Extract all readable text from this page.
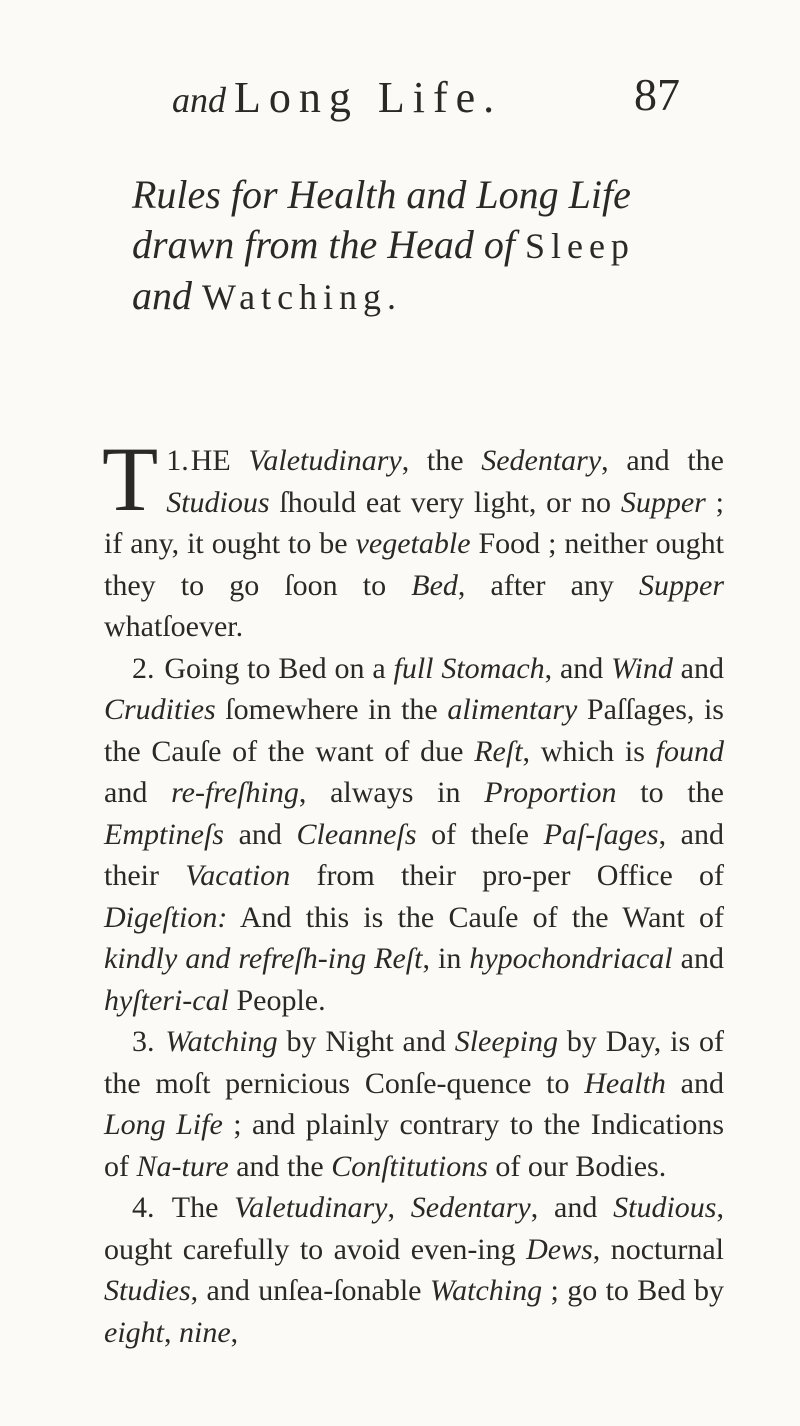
and Long Life.	87
Rules for Health and Long Life
drawn from the Head of Sleep
and Watching.

1.
T HE Valetudinary, the Sedentary, and the Studious ſhould eat very light, or no Supper ; if any, it ought to be vegetable Food ; neither ought they to go ſoon to Bed, after any Supper whatſoever.

2. Going to Bed on a full Stomach, and Wind and Crudities ſomewhere in the alimentary Paſſages, is the Cauſe of the want of due Reſt, which is found and re-freſhing, always in Proportion to the Emptineſs and Cleanneſs of theſe Paſ-ſages, and their Vacation from their pro-per Office of Digeſtion: And this is the Cauſe of the Want of kindly and refreſh-ing Reſt, in hypochondriacal and hyſteri-cal People.

3. Watching by Night and Sleeping by Day, is of the moſt pernicious Conſe-quence to Health and Long Life ; and plainly contrary to the Indications of Na-ture and the Conſtitutions of our Bodies.

4. The Valetudinary, Sedentary, and Studious, ought carefully to avoid even-ing Dews, nocturnal Studies, and unſea-ſonable Watching ; go to Bed by eight, nine,
